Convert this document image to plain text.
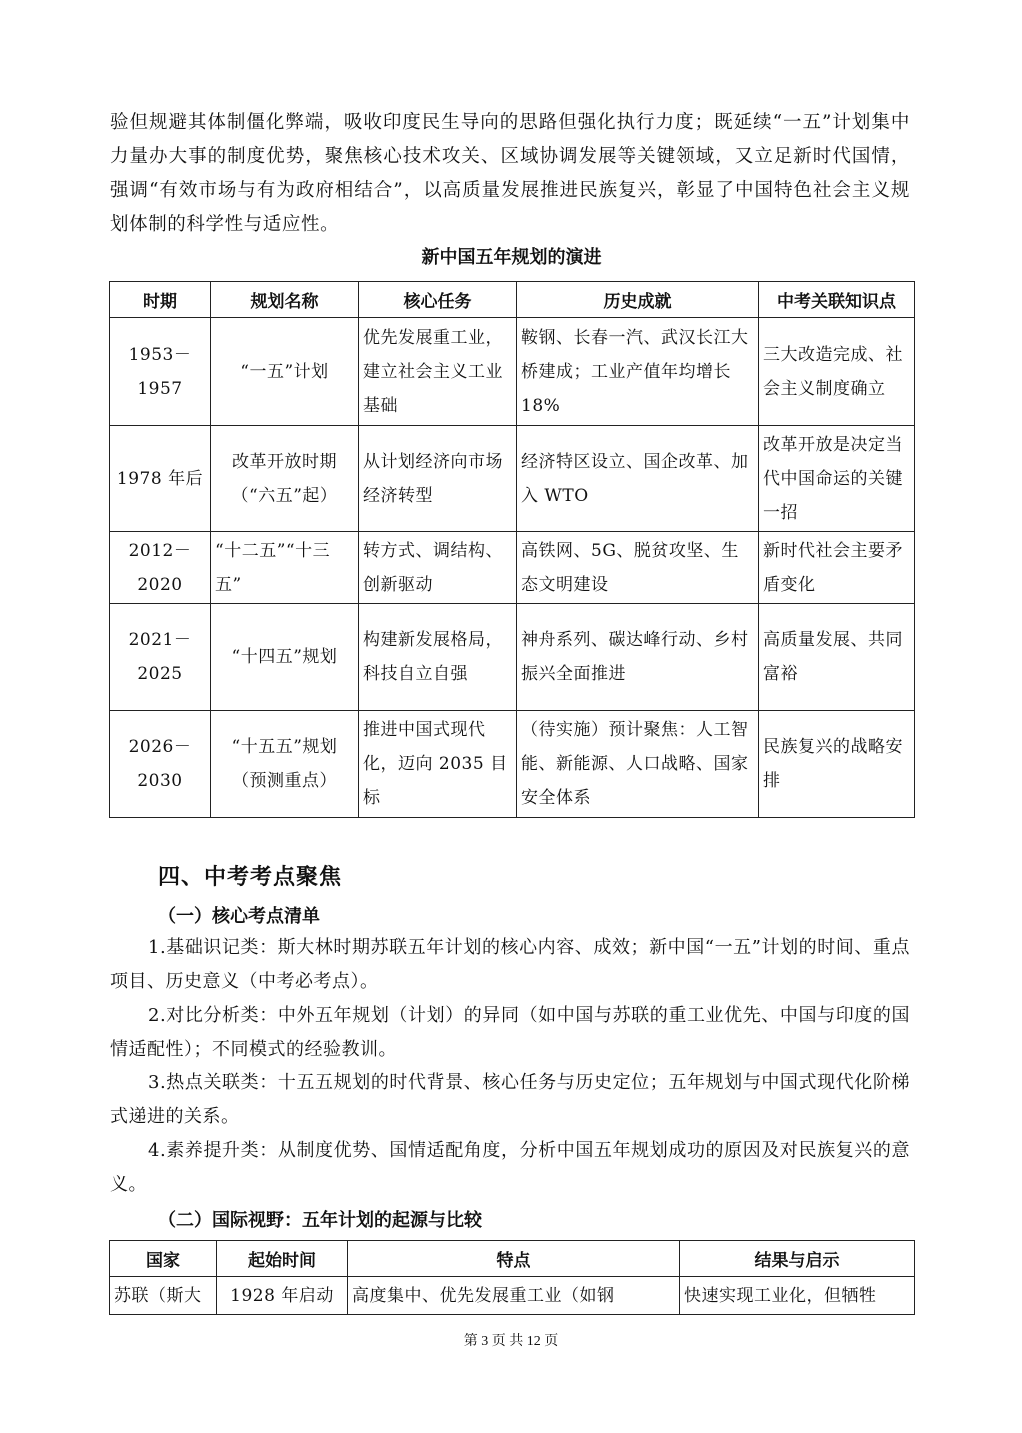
验但规避其体制僵化弊端，吸收印度民生导向的思路但强化执行力度；既延续“一五”计划集中力量办大事的制度优势，聚焦核心技术攻关、区域协调发展等关键领域，又立足新时代国情，强调“有效市场与有为政府相结合”，以高质量发展推进民族复兴，彰显了中国特色社会主义规划体制的科学性与适应性。
新中国五年规划的演进
时期	规划名称	核心任务	历史成就	中考关联知识点
1953－1957	“一五”计划	优先发展重工业，建立社会主义工业基础	鞍钢、长春一汽、武汉长江大桥建成；工业产值年均增长 18%	三大改造完成、社会主义制度确立
1978 年后	改革开放时期（“六五”起）	从计划经济向市场经济转型	经济特区设立、国企改革、加入 WTO	改革开放是决定当代中国命运的关键一招
2012－2020	“十二五”“十三五”	转方式、调结构、创新驱动	高铁网、5G、脱贫攻坚、生态文明建设	新时代社会主要矛盾变化
2021－2025	“十四五”规划	构建新发展格局，科技自立自强	神舟系列、碳达峰行动、乡村振兴全面推进	高质量发展、共同富裕
2026－2030	“十五五”规划（预测重点）	推进中国式现代化，迈向 2035 目标	（待实施）预计聚焦：人工智能、新能源、人口战略、国家安全体系	民族复兴的战略安排
四、中考考点聚焦
（一）核心考点清单
1.基础识记类：斯大林时期苏联五年计划的核心内容、成效；新中国“一五”计划的时间、重点项目、历史意义（中考必考点）。
2.对比分析类：中外五年规划（计划）的异同（如中国与苏联的重工业优先、中国与印度的国情适配性）；不同模式的经验教训。
3.热点关联类：十五五规划的时代背景、核心任务与历史定位；五年规划与中国式现代化阶梯式递进的关系。
4.素养提升类：从制度优势、国情适配角度，分析中国五年规划成功的原因及对民族复兴的意义。
（二）国际视野：五年计划的起源与比较
国家	起始时间	特点	结果与启示
苏联（斯大	1928 年启动	高度集中、优先发展重工业（如钢	快速实现工业化，但牺牲
第 3 页 共 12 页
